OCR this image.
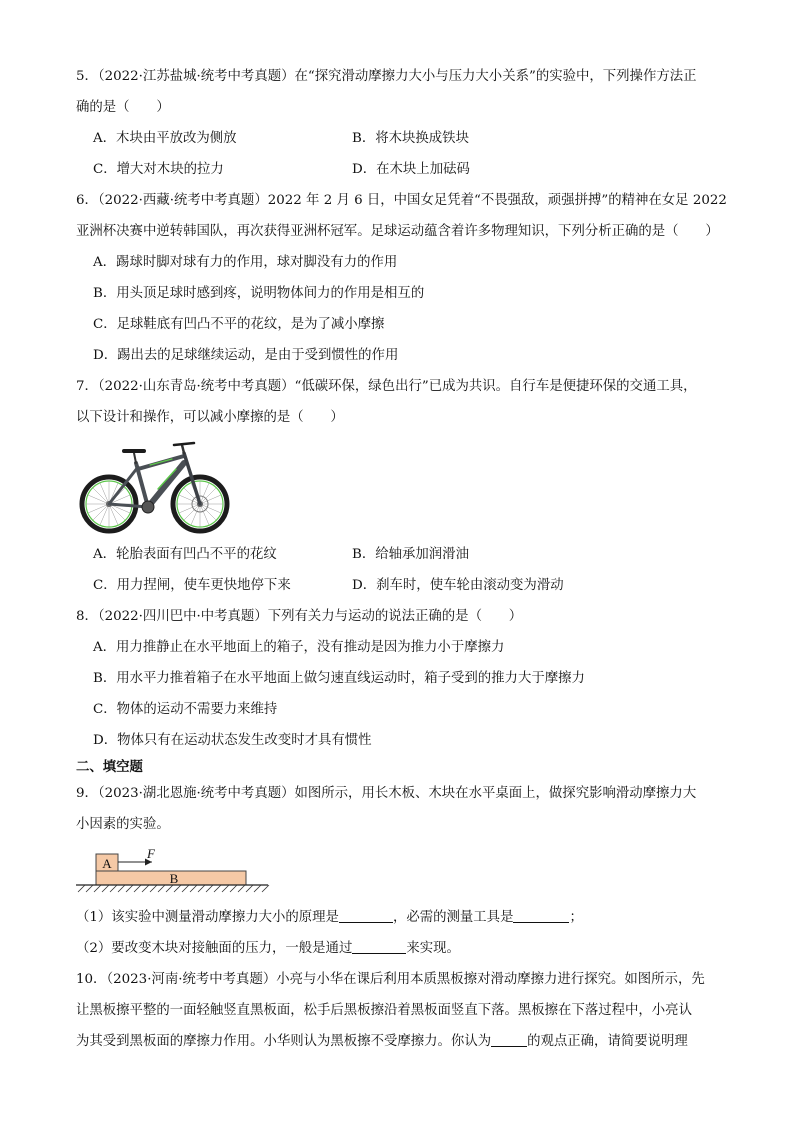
5．（2022·江苏盐城·统考中考真题）在“探究滑动摩擦力大小与压力大小关系”的实验中，下列操作方法正
确的是（　　）
A．木块由平放改为侧放	B．将木块换成铁块
C．增大对木块的拉力	D．在木块上加砝码
6．（2022·西藏·统考中考真题）2022 年 2 月 6 日，中国女足凭着“不畏强敌，顽强拼搏”的精神在女足 2022
亚洲杯决赛中逆转韩国队，再次获得亚洲杯冠军。足球运动蕴含着许多物理知识，下列分析正确的是（　　）
A．踢球时脚对球有力的作用，球对脚没有力的作用
B．用头顶足球时感到疼，说明物体间力的作用是相互的
C．足球鞋底有凹凸不平的花纹，是为了减小摩擦
D．踢出去的足球继续运动，是由于受到惯性的作用
7．（2022·山东青岛·统考中考真题）“低碳环保，绿色出行”已成为共识。自行车是便捷环保的交通工具，
以下设计和操作，可以减小摩擦的是（　　）
A．轮胎表面有凹凸不平的花纹	B．给轴承加润滑油
C．用力捏闸，使车更快地停下来	D．刹车时，使车轮由滚动变为滑动
8．（2022·四川巴中·中考真题）下列有关力与运动的说法正确的是（　　）
A．用力推静止在水平地面上的箱子，没有推动是因为推力小于摩擦力
B．用水平力推着箱子在水平地面上做匀速直线运动时，箱子受到的推力大于摩擦力
C．物体的运动不需要力来维持
D．物体只有在运动状态发生改变时才具有惯性
二、填空题
9．（2023·湖北恩施·统考中考真题）如图所示，用长木板、木块在水平桌面上，做探究影响滑动摩擦力大
小因素的实验。
A
B
F
（1）该实验中测量滑动摩擦力大小的原理是	，必需的测量工具是	；
（2）要改变木块对接触面的压力，一般是通过	来实现。
10．（2023·河南·统考中考真题）小亮与小华在课后利用本质黑板擦对滑动摩擦力进行探究。如图所示，先
让黑板擦平整的一面轻触竖直黑板面，松手后黑板擦沿着黑板面竖直下落。黑板擦在下落过程中，小亮认
为其受到黑板面的摩擦力作用。小华则认为黑板擦不受摩擦力。你认为	的观点正确，请简要说明理
